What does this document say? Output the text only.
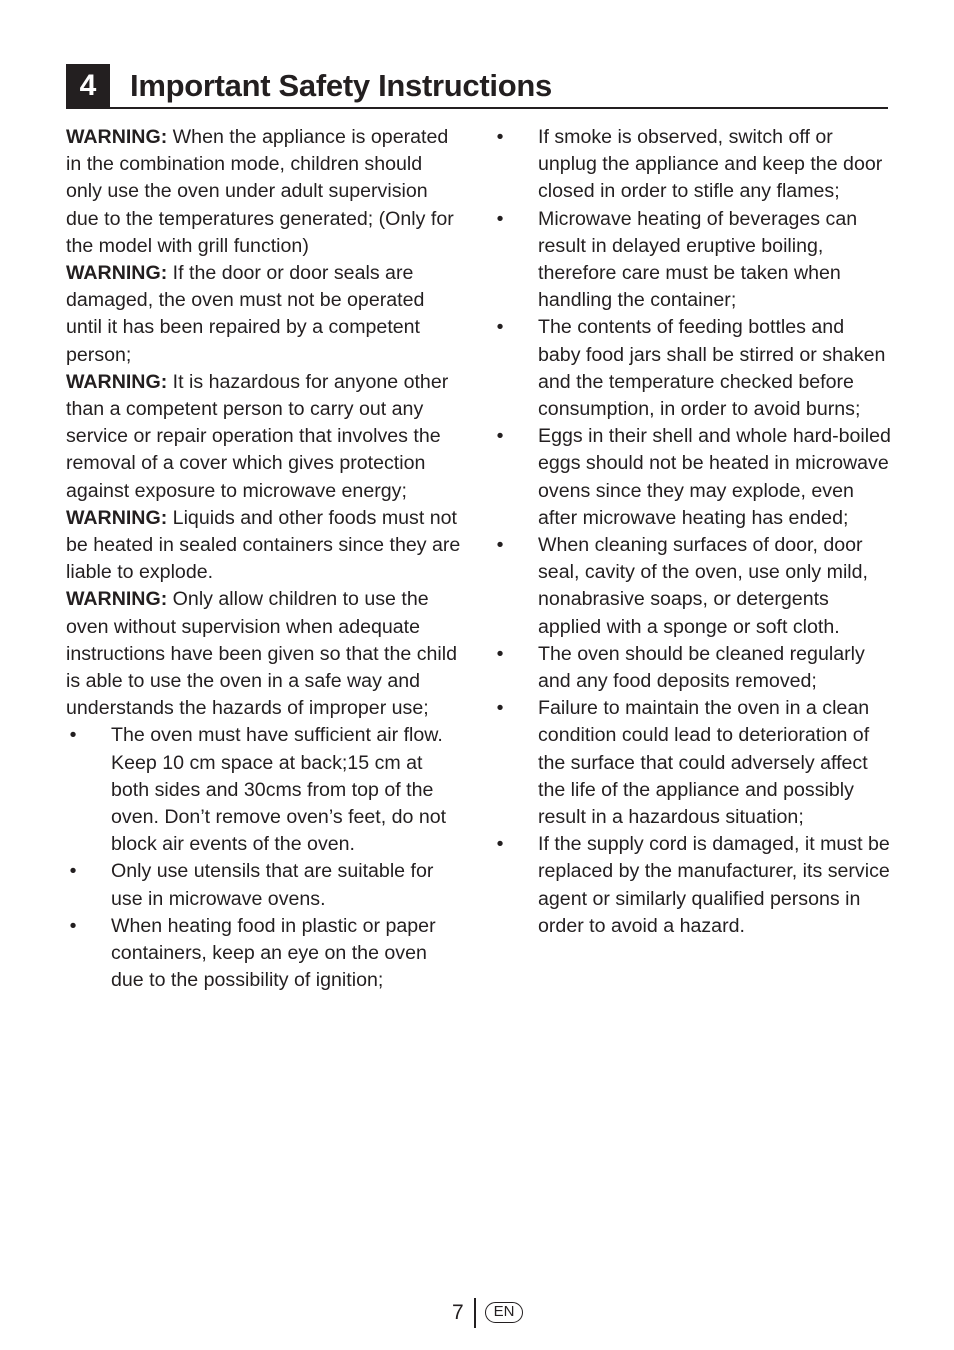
4	Important Safety Instructions

WARNING: When the appliance is operated in the combination mode, children should only use the oven under adult supervision due to the temperatures generated; (Only for the model with grill function)

WARNING: If the door or door seals are damaged, the oven must not be operated until it has been repaired by a competent person;

WARNING: It is hazardous for anyone other than a competent person to carry out any service or repair operation that involves the removal of a cover which gives protection against exposure to microwave energy;

WARNING: Liquids and other foods must not be heated in sealed containers since they are liable to explode.

WARNING: Only allow children to use the oven without supervision when adequate instructions have been given so that the child is able to use the oven in a safe way and understands the hazards of improper use;

• The oven must have sufficient air flow. Keep 10 cm space at back;15 cm at both sides and 30cms from top of the oven. Don’t remove oven’s feet, do not block air events of the oven.
• Only use utensils that are suitable for use in microwave ovens.
• When heating food in plastic or paper containers, keep an eye on the oven due to the possibility of ignition;
• If smoke is observed, switch off or unplug the appliance and keep the door closed in order to stifle any flames;
• Microwave heating of beverages can result in delayed eruptive boiling, therefore care must be taken when handling the container;
• The contents of feeding bottles and baby food jars shall be stirred or shaken and the temperature checked before consumption, in order to avoid burns;
• Eggs in their shell and whole hard-boiled eggs should not be heated in microwave ovens since they may explode, even after microwave heating has ended;
• When cleaning surfaces of door, door seal, cavity of the oven, use only mild, nonabrasive soaps, or detergents applied with a sponge or soft cloth.
• The oven should be cleaned regularly and any food deposits removed;
• Failure to maintain the oven in a clean condition could lead to deterioration of the surface that could adversely affect the life of the appliance and possibly result in a hazardous situation;
• If the supply cord is damaged, it must be replaced by the manufacturer, its service agent or similarly qualified persons in order to avoid a hazard.
7	EN
